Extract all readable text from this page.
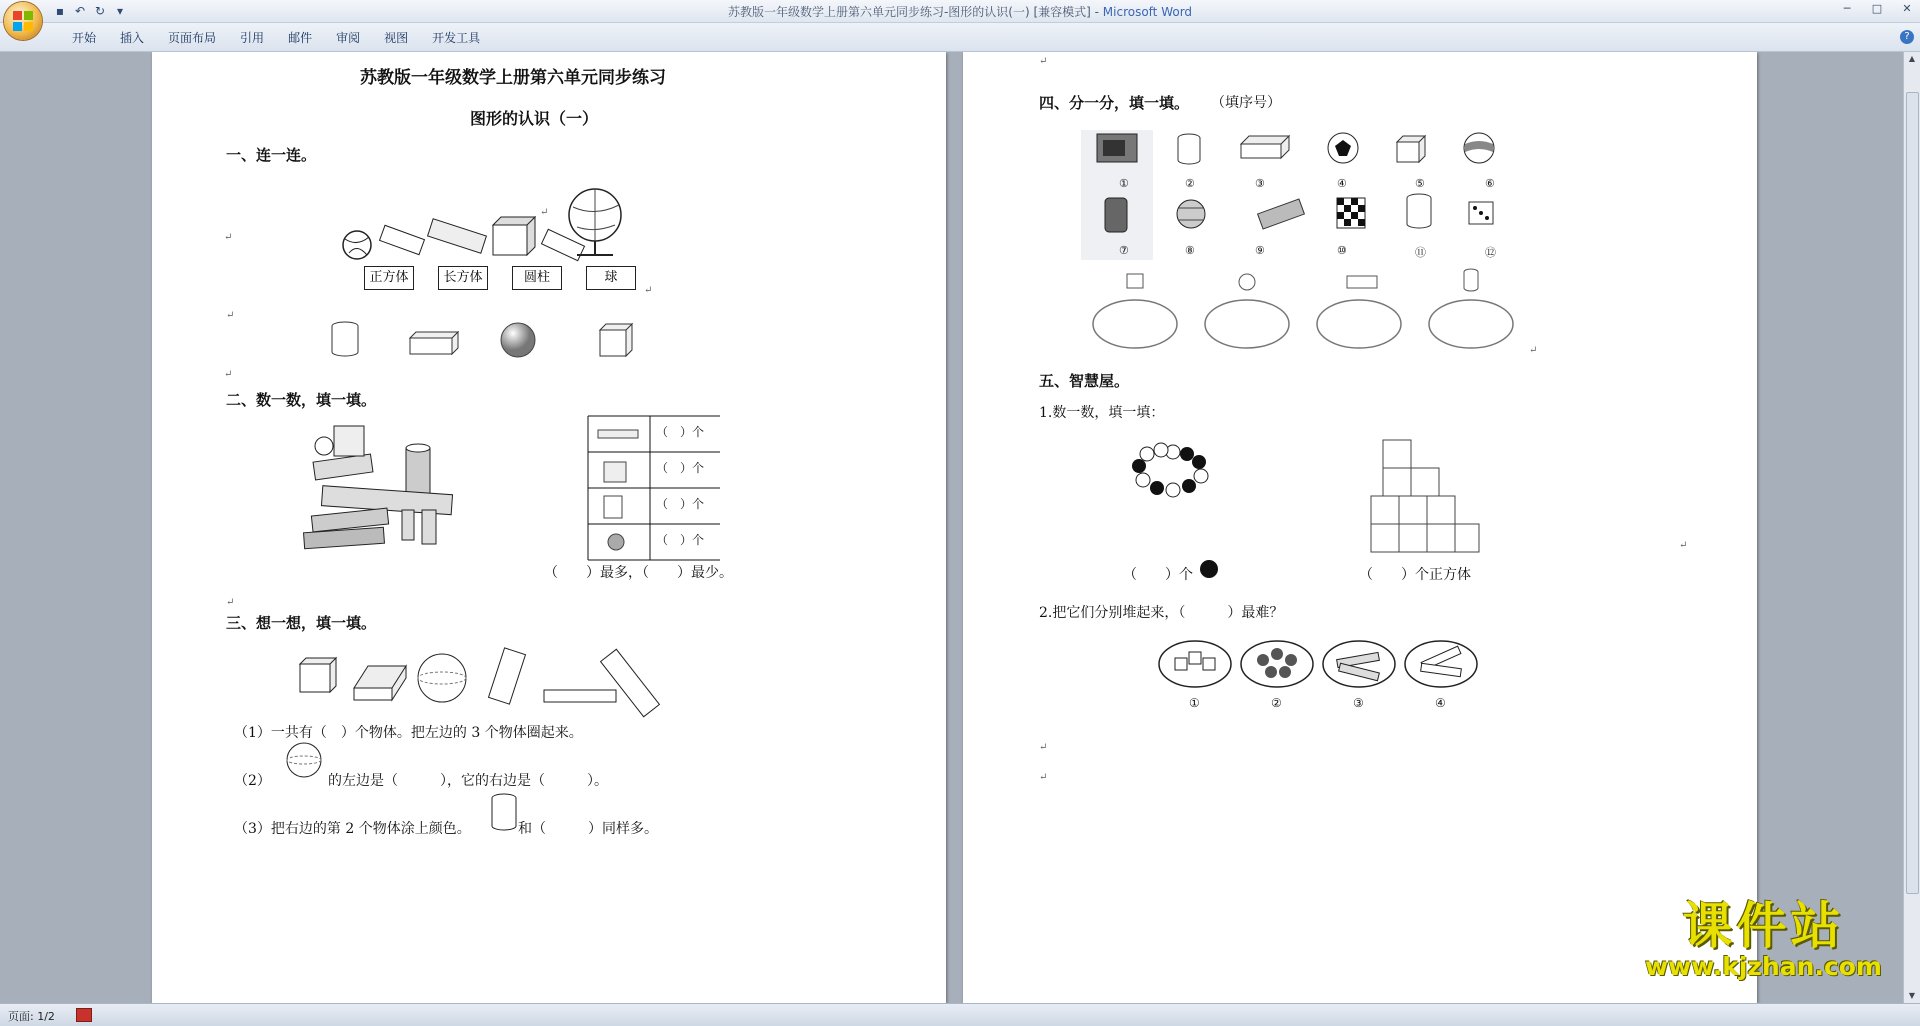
▪ ↶ ↻ ▾	苏教版一年级数学上册第六单元同步练习-图形的认识(一) [兼容模式] - Microsoft Word	─	□ ✕
开始	插入	页面布局	引用	邮件	审阅	视图	开发工具	?
苏教版一年级数学上册第六单元同步练习
图形的认识（一）
一、连一连。
↵
↵
正方体	长方体	圆柱	球
↵
↵
↵
二、数一数，填一填。
（　）个
（　）个
（　）个
（　）个
（　　）最多，（　　）最少。
↵
三、想一想，填一填。
（1）一共有（　）个物体。把左边的 3 个物体圈起来。
（2）	的左边是（　　　），它的右边是（　　　）。
（3）把右边的第 2 个物体涂上颜色。	和（　　　）同样多。
↵
四、分一分，填一填。 （填序号）
①	②	③	④	⑤	⑥
⑦	⑧	⑨	⑩	⑪	⑫
↵
五、智慧屋。
1.数一数，填一填：
（　　）个	（　　）个正方体
↵
2.把它们分别堆起来，（　　　）最难？
①	②	③	④
↵
↵
课件站
www.kjzhan.com
▲
▼
页面: 1/2
